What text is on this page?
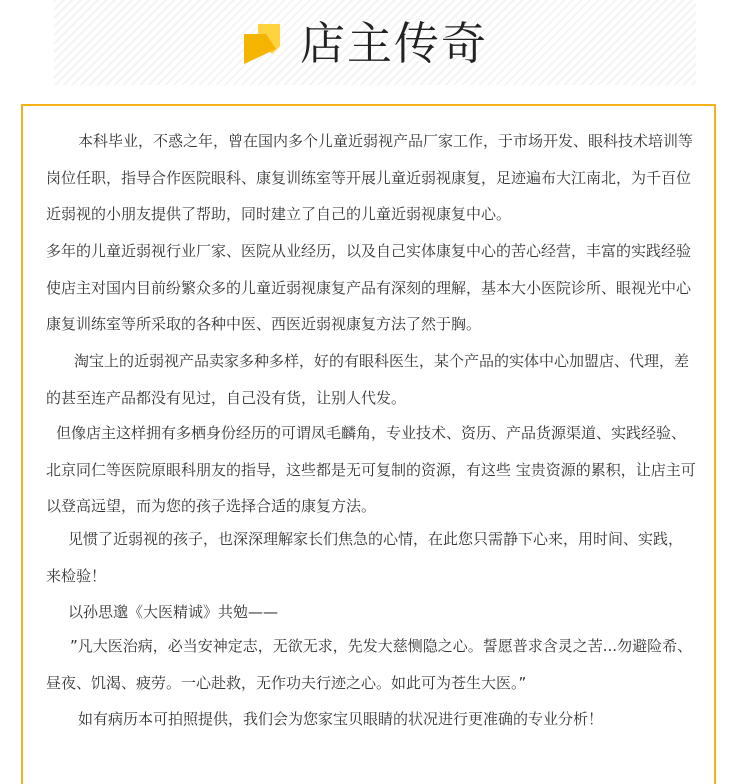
店主传奇

本科毕业，不惑之年，曾在国内多个儿童近弱视产品厂家工作，于市场开发、眼科技术培训等岗位任职，指导合作医院眼科、康复训练室等开展儿童近弱视康复，足迹遍布大江南北，为千百位近弱视的小朋友提供了帮助，同时建立了自己的儿童近弱视康复中心。

多年的儿童近弱视行业厂家、医院从业经历，以及自己实体康复中心的苦心经营，丰富的实践经验使店主对国内目前纷繁众多的儿童近弱视康复产品有深刻的理解，基本大小医院诊所、眼视光中心康复训练室等所采取的各种中医、西医近弱视康复方法了然于胸。

淘宝上的近弱视产品卖家多种多样，好的有眼科医生，某个产品的实体中心加盟店、代理，差的甚至连产品都没有见过，自己没有货，让别人代发。

但像店主这样拥有多栖身份经历的可谓凤毛麟角，专业技术、资历、产品货源渠道、实践经验、北京同仁等医院原眼科朋友的指导，这些都是无可复制的资源，有这些 宝贵资源的累积，让店主可以登高远望，而为您的孩子选择合适的康复方法。

见惯了近弱视的孩子，也深深理解家长们焦急的心情，在此您只需静下心来，用时间、实践，来检验！

以孙思邈《大医精诚》共勉——

”凡大医治病，必当安神定志，无欲无求，先发大慈恻隐之心。誓愿普求含灵之苦...勿避险希、昼夜、饥渴、疲劳。一心赴救，无作功夫行迹之心。如此可为苍生大医。”

如有病历本可拍照提供，我们会为您家宝贝眼睛的状况进行更准确的专业分析！
